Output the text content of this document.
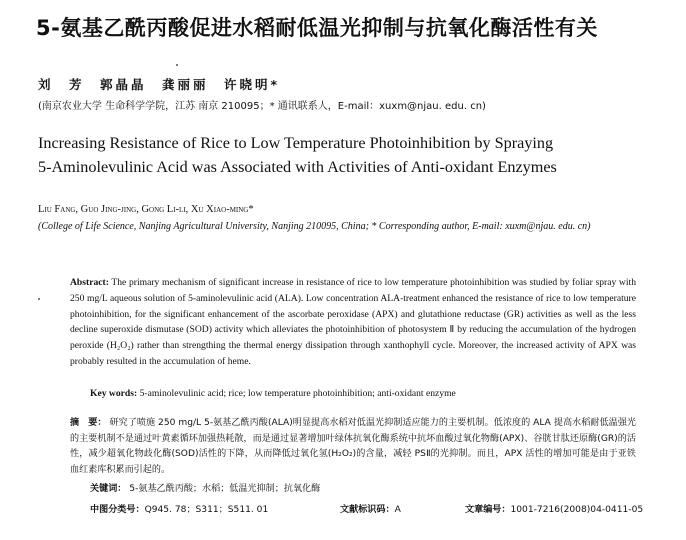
5-氨基乙酰丙酸促进水稻耐低温光抑制与抗氧化酶活性有关
刘　芳　郭晶晶　龚丽丽　许晓明*
(南京农业大学 生命科学学院，江苏 南京 210095；* 通讯联系人，E-mail：xuxm@njau. edu. cn)
Increasing Resistance of Rice to Low Temperature Photoinhibition by Spraying
5-Aminolevulinic Acid was Associated with Activities of Anti-oxidant Enzymes
Liu Fang, Guo Jing-jing, Gong Li-li, Xu Xiao-ming*
(College of Life Science, Nanjing Agricultural University, Nanjing 210095, China; * Corresponding author, E-mail: xuxm@njau. edu. cn)
Abstract: The primary mechanism of significant increase in resistance of rice to low temperature photoinhibition was studied by foliar spray with 250 mg/L aqueous solution of 5-aminolevulinic acid (ALA). Low concentration ALA-treatment enhanced the resistance of rice to low temperature photoinhibition, for the significant enhancement of the ascorbate peroxidase (APX) and glutathione reductase (GR) activities as well as the less decline superoxide dismutase (SOD) activity which alleviates the photoinhibition of photosystem Ⅱ by reducing the accumulation of the hydrogen peroxide (H₂O₂) rather than strengthing the thermal energy dissipation through xanthophyll cycle. Moreover, the increased activity of APX was probably resulted in the accumulation of heme.
Key words: 5-aminolevulinic acid; rice; low temperature photoinhibition; anti-oxidant enzyme
摘　要： 研究了喷施 250 mg/L 5-氨基乙酰丙酸(ALA)明显提高水稻对低温光抑制适应能力的主要机制。低浓度的 ALA 提高水稻耐低温强光的主要机制不是通过叶黄素循环加强热耗散，而是通过显著增加叶绿体抗氧化酶系统中抗坏血酸过氧化物酶(APX)、谷胱甘肽还原酶(GR)的活性，减少超氧化物歧化酶(SOD)活性的下降，从而降低过氧化氢(H₂O₂)的含量，减轻 PSⅡ的光抑制。而且，APX 活性的增加可能是由于亚铁血红素库积累而引起的。
关键词： 5-氨基乙酰丙酸；水稻；低温光抑制；抗氧化酶
中图分类号：Q945. 78；S311；S511. 01	文献标识码：A	文章编号：1001-7216(2008)04-0411-05
